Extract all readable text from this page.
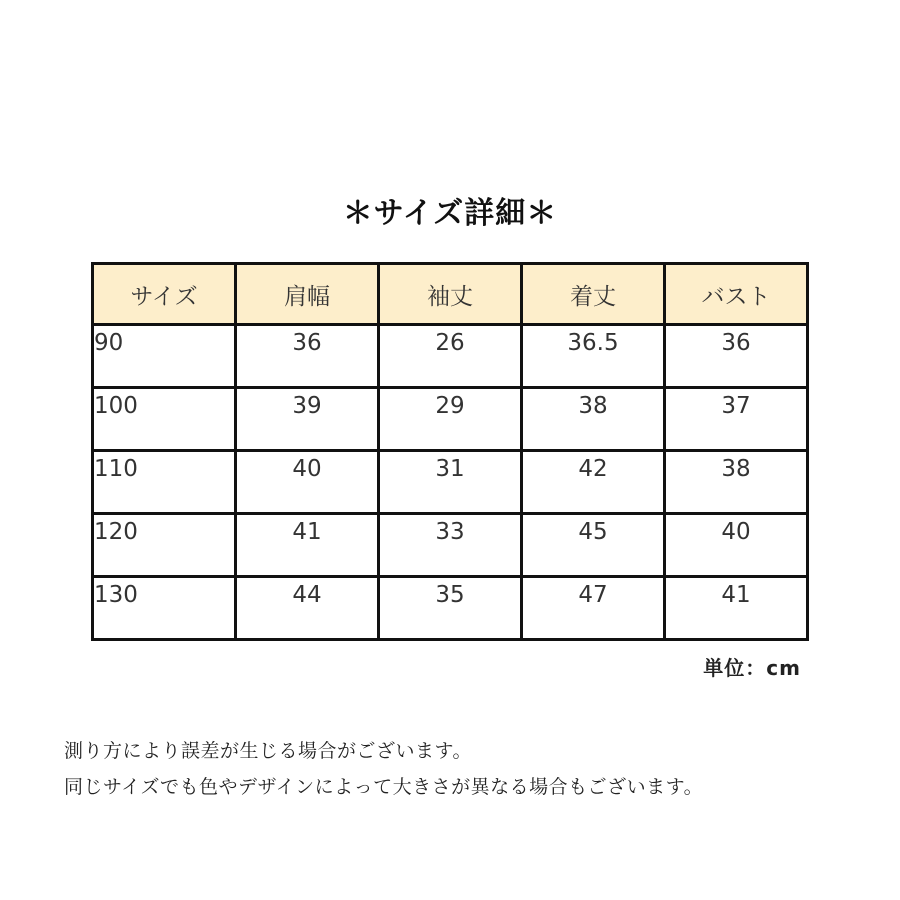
＊サイズ詳細＊
サイズ	肩幅	袖丈	着丈	バスト
90	36	26	36.5	36
100	39	29	38	37
110	40	31	42	38
120	41	33	45	40
130	44	35	47	41
単位：cm
測り方により誤差が生じる場合がございます。
同じサイズでも色やデザインによって大きさが異なる場合もございます。
